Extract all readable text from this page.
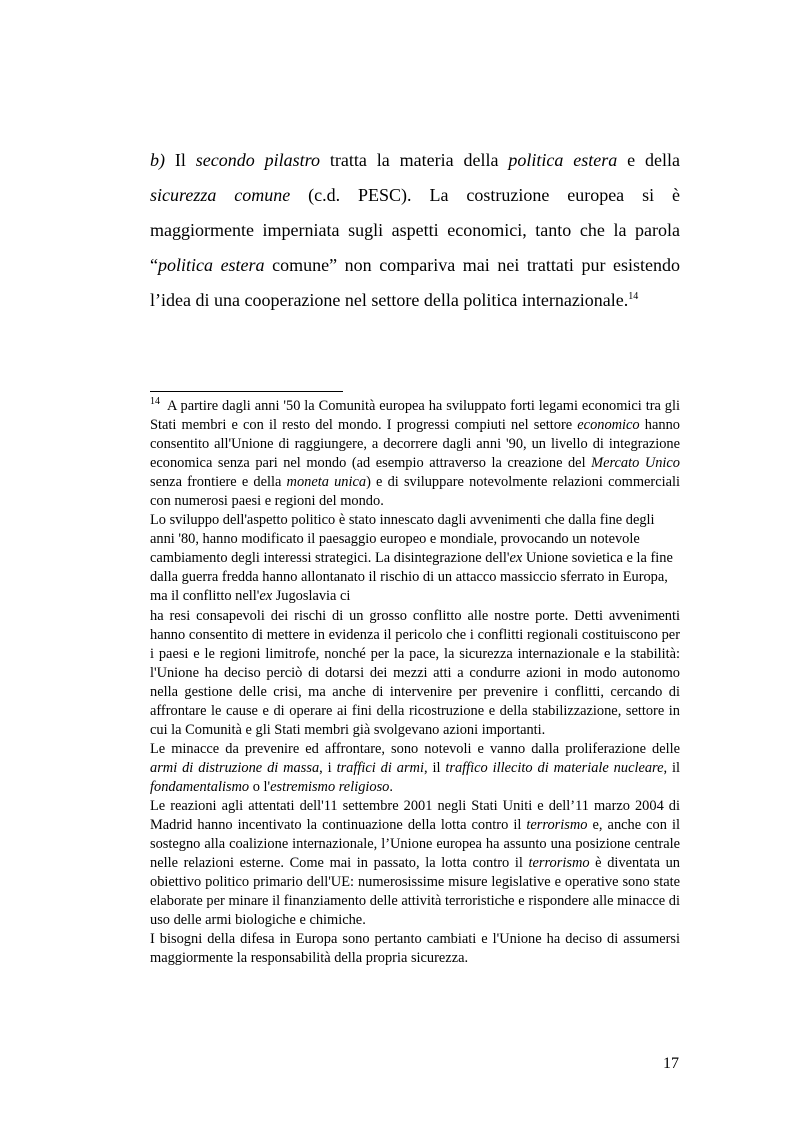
b) Il secondo pilastro tratta la materia della politica estera e della sicurezza comune (c.d. PESC). La costruzione europea si è maggiormente imperniata sugli aspetti economici, tanto che la parola “politica estera comune” non compariva mai nei trattati pur esistendo l’idea di una cooperazione nel settore della politica internazionale.$^{14}$

$^{14}$ A partire dagli anni '50 la Comunità europea ha sviluppato forti legami economici tra gli Stati membri e con il resto del mondo. I progressi compiuti nel settore economico hanno consentito all'Unione di raggiungere, a decorrere dagli anni '90, un livello di integrazione economica senza pari nel mondo (ad esempio attraverso la creazione del Mercato Unico senza frontiere e della moneta unica) e di sviluppare notevolmente relazioni commerciali con numerosi paesi e regioni del mondo.

Lo sviluppo dell'aspetto politico è stato innescato dagli avvenimenti che dalla fine degli anni '80, hanno modificato il paesaggio europeo e mondiale, provocando un notevole cambiamento degli interessi strategici. La disintegrazione dell'ex Unione sovietica e la fine dalla guerra fredda hanno allontanato il rischio di un attacco massiccio sferrato in Europa, ma il conflitto nell'ex Jugoslavia ci

ha resi consapevoli dei rischi di un grosso conflitto alle nostre porte. Detti avvenimenti hanno consentito di mettere in evidenza il pericolo che i conflitti regionali costituiscono per i paesi e le regioni limitrofe, nonché per la pace, la sicurezza internazionale e la stabilità: l'Unione ha deciso perciò di dotarsi dei mezzi atti a condurre azioni in modo autonomo nella gestione delle crisi, ma anche di intervenire per prevenire i conflitti, cercando di affrontare le cause e di operare ai fini della ricostruzione e della stabilizzazione, settore in cui la Comunità e gli Stati membri già svolgevano azioni importanti.

Le minacce da prevenire ed affrontare, sono notevoli e vanno dalla proliferazione delle armi di distruzione di massa, i traffici di armi, il traffico illecito di materiale nucleare, il fondamentalismo o l'estremismo religioso.

Le reazioni agli attentati dell'11 settembre 2001 negli Stati Uniti e dell’11 marzo 2004 di Madrid hanno incentivato la continuazione della lotta contro il terrorismo e, anche con il sostegno alla coalizione internazionale, l’Unione europea ha assunto una posizione centrale nelle relazioni esterne. Come mai in passato, la lotta contro il terrorismo è diventata un obiettivo politico primario dell'UE: numerosissime misure legislative e operative sono state elaborate per minare il finanziamento delle attività terroristiche e rispondere alle minacce di uso delle armi biologiche e chimiche.

I bisogni della difesa in Europa sono pertanto cambiati e l'Unione ha deciso di assumersi maggiormente la responsabilità della propria sicurezza.

17
